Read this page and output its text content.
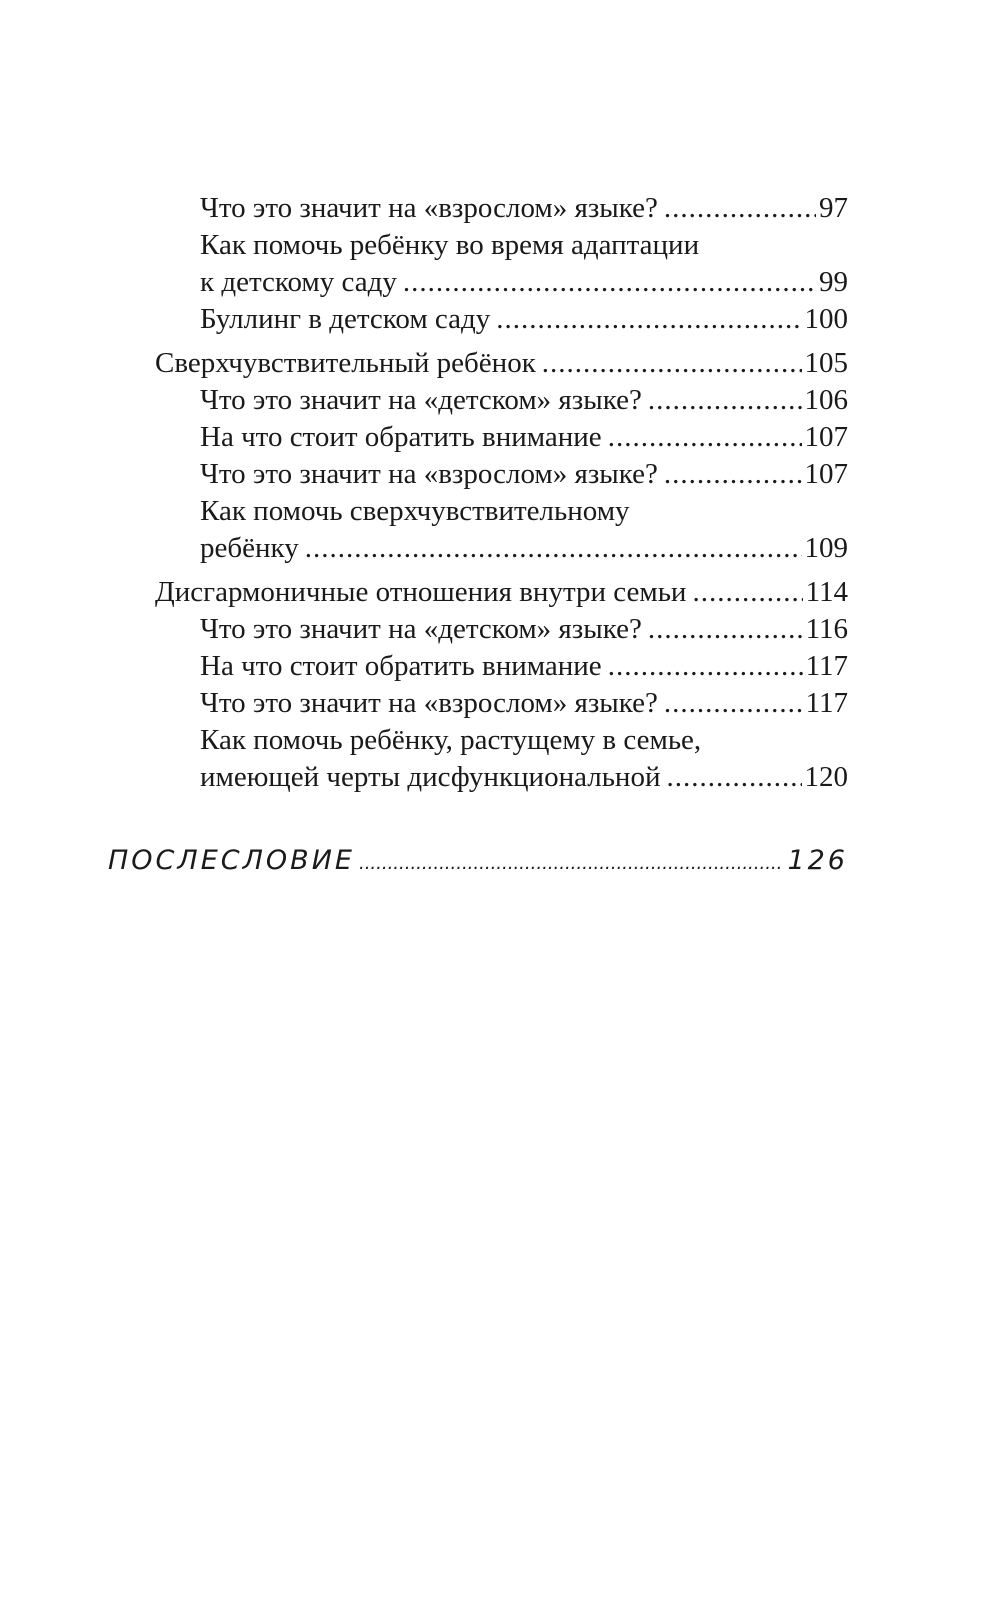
Что это значит на «взрослом» языке? .....	97
Как помочь ребёнку во время адаптации
к детскому саду .....	99
Буллинг в детском саду .....	100
Сверхчувствительный ребёнок .....	105
Что это значит на «детском» языке? .....	106
На что стоит обратить внимание .....	107
Что это значит на «взрослом» языке? .....	107
Как помочь сверхчувствительному
ребёнку .....	109
Дисгармоничные отношения внутри семьи .....	114
Что это значит на «детском» языке? .....	116
На что стоит обратить внимание .....	117
Что это значит на «взрослом» языке? .....	117
Как помочь ребёнку, растущему в семье,
имеющей черты дисфункциональной .....	120
ПОСЛЕСЛОВИЕ .....	126
